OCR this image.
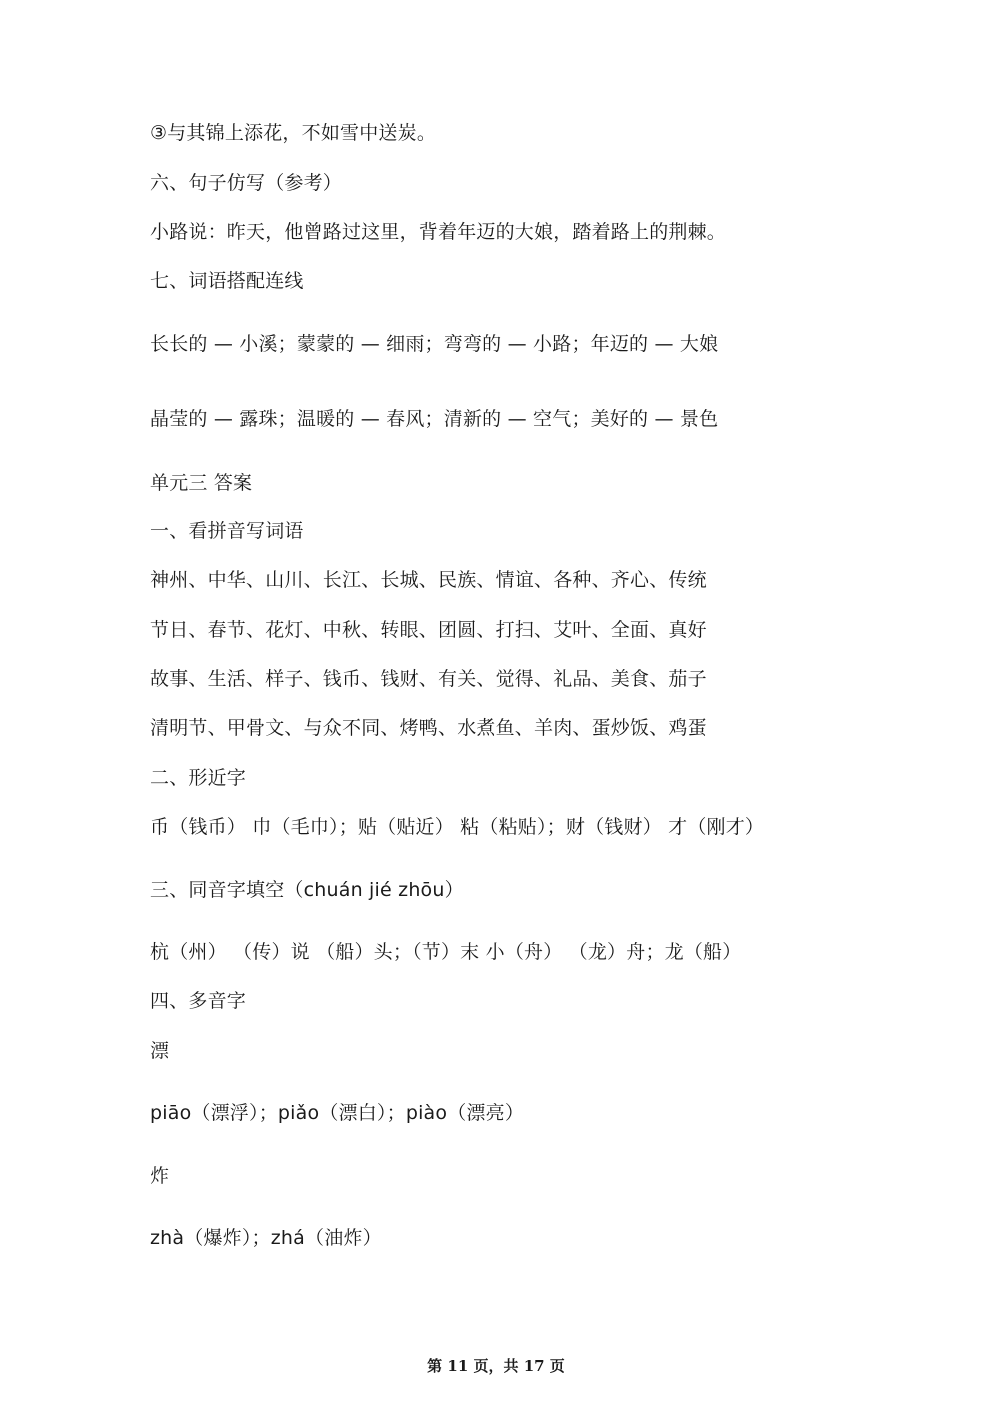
③与其锦上添花，不如雪中送炭。
六、句子仿写（参考）
小路说：昨天，他曾路过这里，背着年迈的大娘，踏着路上的荆棘。
七、词语搭配连线
长长的 — 小溪；蒙蒙的 — 细雨；弯弯的 — 小路；年迈的 — 大娘
晶莹的 — 露珠；温暖的 — 春风；清新的 — 空气；美好的 — 景色
单元三 答案
一、看拼音写词语
神州、中华、山川、长江、长城、民族、情谊、各种、齐心、传统
节日、春节、花灯、中秋、转眼、团圆、打扫、艾叶、全面、真好
故事、生活、样子、钱币、钱财、有关、觉得、礼品、美食、茄子
清明节、甲骨文、与众不同、烤鸭、水煮鱼、羊肉、蛋炒饭、鸡蛋
二、形近字
币（钱币） 巾（毛巾）；贴（贴近） 粘（粘贴）；财（钱财） 才（刚才）
三、同音字填空（chuán jié zhōu）
杭（州） （传）说 （船）头；（节）末 小（舟） （龙）舟；龙（船）
四、多音字
漂
piāo（漂浮）；piǎo（漂白）；piào（漂亮）
炸
zhà（爆炸）；zhá（油炸）
第 11 页，共 17 页
